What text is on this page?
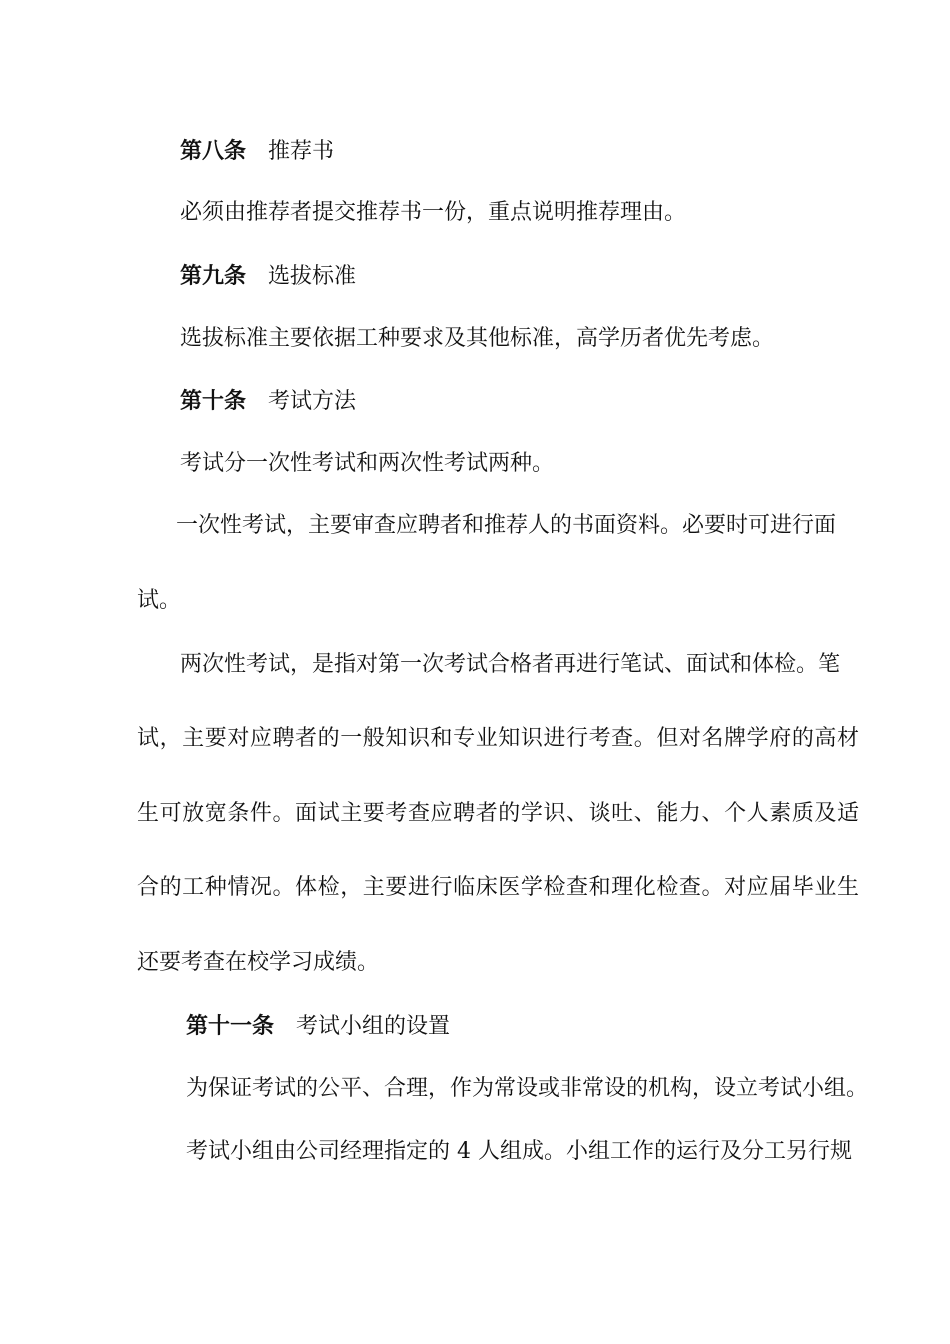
第八条 推荐书
必须由推荐者提交推荐书一份，重点说明推荐理由。
第九条 选拔标准
选拔标准主要依据工种要求及其他标准，高学历者优先考虑。
第十条 考试方法
考试分一次性考试和两次性考试两种。
一次性考试，主要审查应聘者和推荐人的书面资料。必要时可进行面
试。
两次性考试，是指对第一次考试合格者再进行笔试、面试和体检。笔
试，主要对应聘者的一般知识和专业知识进行考查。但对名牌学府的高材
生可放宽条件。面试主要考查应聘者的学识、谈吐、能力、个人素质及适
合的工种情况。体检，主要进行临床医学检查和理化检查。对应届毕业生
还要考查在校学习成绩。
第十一条 考试小组的设置
为保证考试的公平、合理，作为常设或非常设的机构，设立考试小组。
考试小组由公司经理指定的 4 人组成。小组工作的运行及分工另行规
